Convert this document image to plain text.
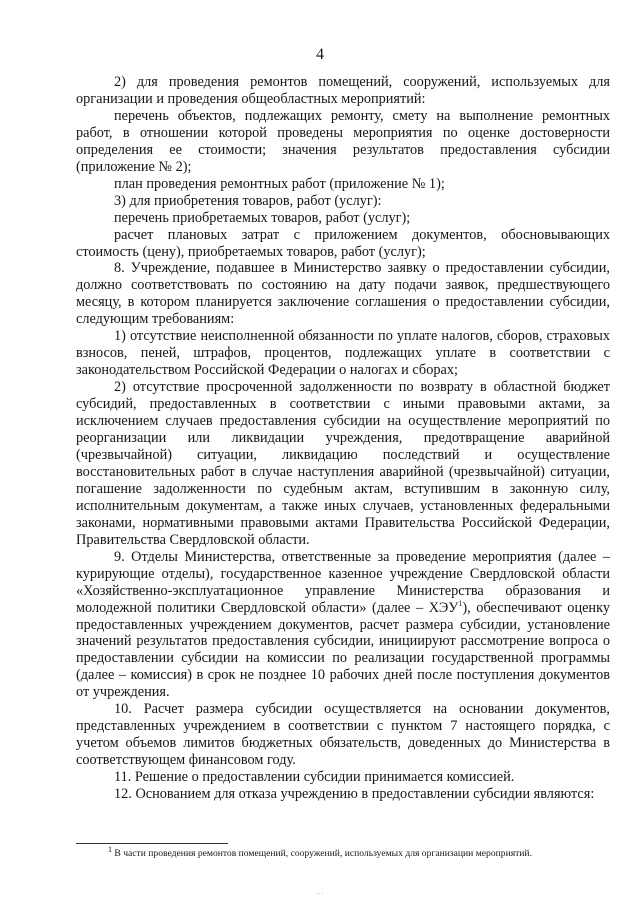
4

2) для проведения ремонтов помещений, сооружений, используемых для организации и проведения общеобластных мероприятий:

перечень объектов, подлежащих ремонту, смету на выполнение ремонтных работ, в отношении которой проведены мероприятия по оценке достоверности определения ее стоимости; значения результатов предоставления субсидии (приложение № 2);

план проведения ремонтных работ (приложение № 1);

3) для приобретения товаров, работ (услуг):

перечень приобретаемых товаров, работ (услуг);

расчет плановых затрат с приложением документов, обосновывающих стоимость (цену), приобретаемых товаров, работ (услуг);

8. Учреждение, подавшее в Министерство заявку о предоставлении субсидии, должно соответствовать по состоянию на дату подачи заявок, предшествующего месяцу, в котором планируется заключение соглашения о предоставлении субсидии, следующим требованиям:

1) отсутствие неисполненной обязанности по уплате налогов, сборов, страховых взносов, пеней, штрафов, процентов, подлежащих уплате в соответствии с законодательством Российской Федерации о налогах и сборах;

2) отсутствие просроченной задолженности по возврату в областной бюджет субсидий, предоставленных в соответствии с иными правовыми актами, за исключением случаев предоставления субсидии на осуществление мероприятий по реорганизации или ликвидации учреждения, предотвращение аварийной (чрезвычайной) ситуации, ликвидацию последствий и осуществление восстановительных работ в случае наступления аварийной (чрезвычайной) ситуации, погашение задолженности по судебным актам, вступившим в законную силу, исполнительным документам, а также иных случаев, установленных федеральными законами, нормативными правовыми актами Правительства Российской Федерации, Правительства Свердловской области.

9. Отделы Министерства, ответственные за проведение мероприятия (далее – курирующие отделы), государственное казенное учреждение Свердловской области «Хозяйственно-эксплуатационное управление Министерства образования и молодежной политики Свердловской области» (далее – ХЭУ$^1$), обеспечивают оценку предоставленных учреждением документов, расчет размера субсидии, установление значений результатов предоставления субсидии, инициируют рассмотрение вопроса о предоставлении субсидии на комиссии по реализации государственной программы (далее – комиссия) в срок не позднее 10 рабочих дней после поступления документов от учреждения.

10. Расчет размера субсидии осуществляется на основании документов, представленных учреждением в соответствии с пунктом 7 настоящего порядка, с учетом объемов лимитов бюджетных обязательств, доведенных до Министерства в соответствующем финансовом году.

11. Решение о предоставлении субсидии принимается комиссией.

12. Основанием для отказа учреждению в предоставлении субсидии являются:

$^1$ В части проведения ремонтов помещений, сооружений, используемых для организации мероприятий.
...
